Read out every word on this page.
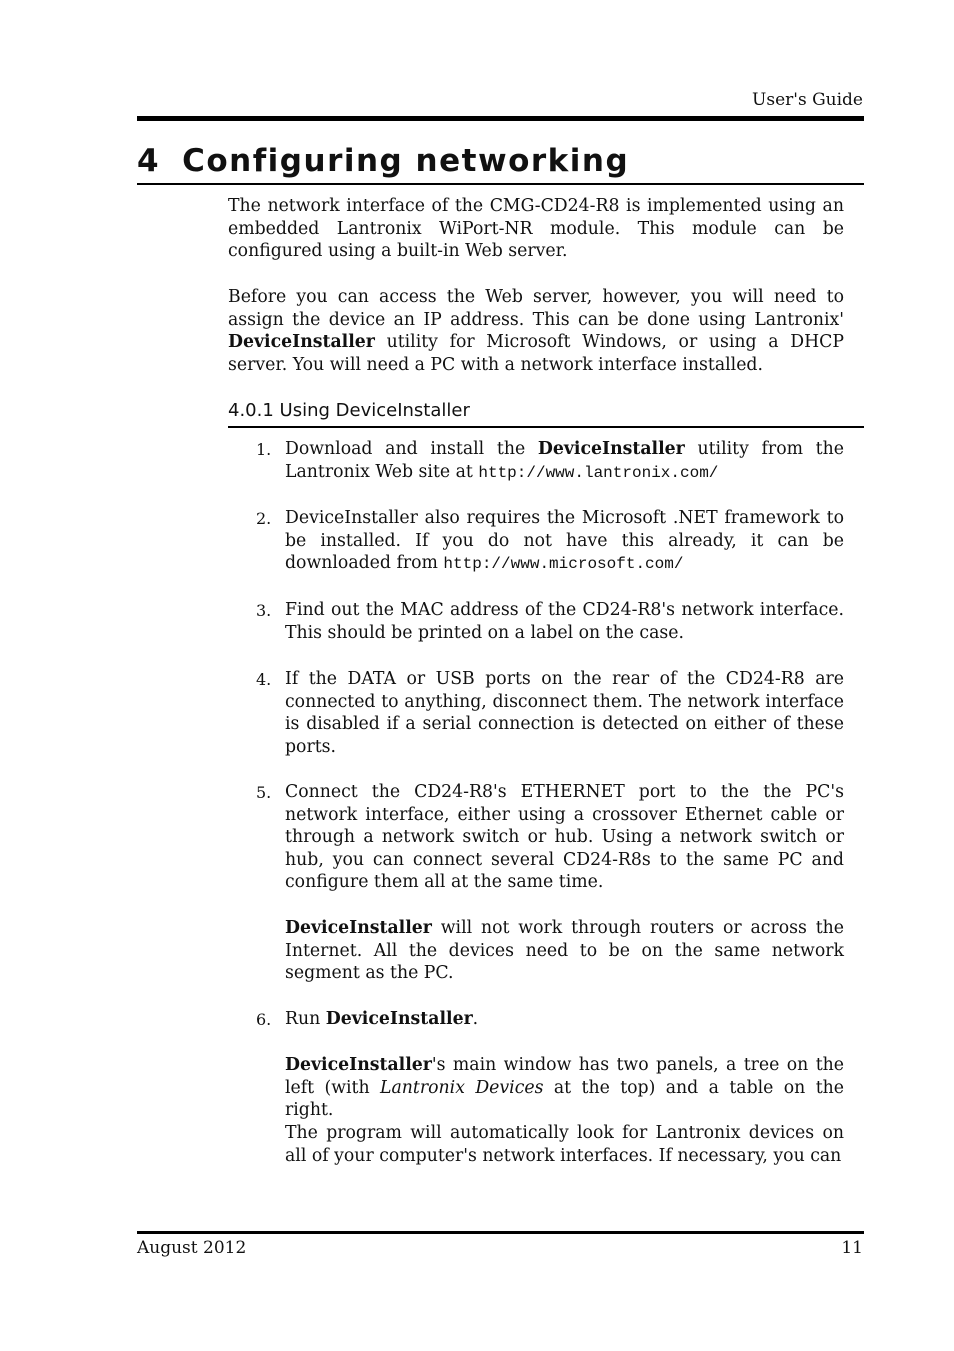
User's Guide
4 Configuring networking

The network interface of the CMG-CD24-R8 is implemented using an embedded Lantronix WiPort-NR module. This module can be configured using a built-in Web server.

Before you can access the Web server, however, you will need to assign the device an IP address. This can be done using Lantronix' DeviceInstaller utility for Microsoft Windows, or using a DHCP server. You will need a PC with a network interface installed.

4.0.1 Using DeviceInstaller
1. Download and install the DeviceInstaller utility from the Lantronix Web site at http://www.lantronix.com/

2. DeviceInstaller also requires the Microsoft .NET framework to be installed. If you do not have this already, it can be downloaded from http://www.microsoft.com/

3. Find out the MAC address of the CD24-R8's network interface. This should be printed on a label on the case.

4. If the DATA or USB ports on the rear of the CD24-R8 are connected to anything, disconnect them. The network interface is disabled if a serial connection is detected on either of these ports.

5. Connect the CD24-R8's ETHERNET port to the the PC's network interface, either using a crossover Ethernet cable or through a network switch or hub. Using a network switch or hub, you can connect several CD24-R8s to the same PC and configure them all at the same time.

DeviceInstaller will not work through routers or across the Internet. All the devices need to be on the same network segment as the PC.

6. Run DeviceInstaller.

DeviceInstaller's main window has two panels, a tree on the left (with Lantronix Devices at the top) and a table on the right.

The program will automatically look for Lantronix devices on all of your computer's network interfaces. If necessary, you can

August 2012	11
